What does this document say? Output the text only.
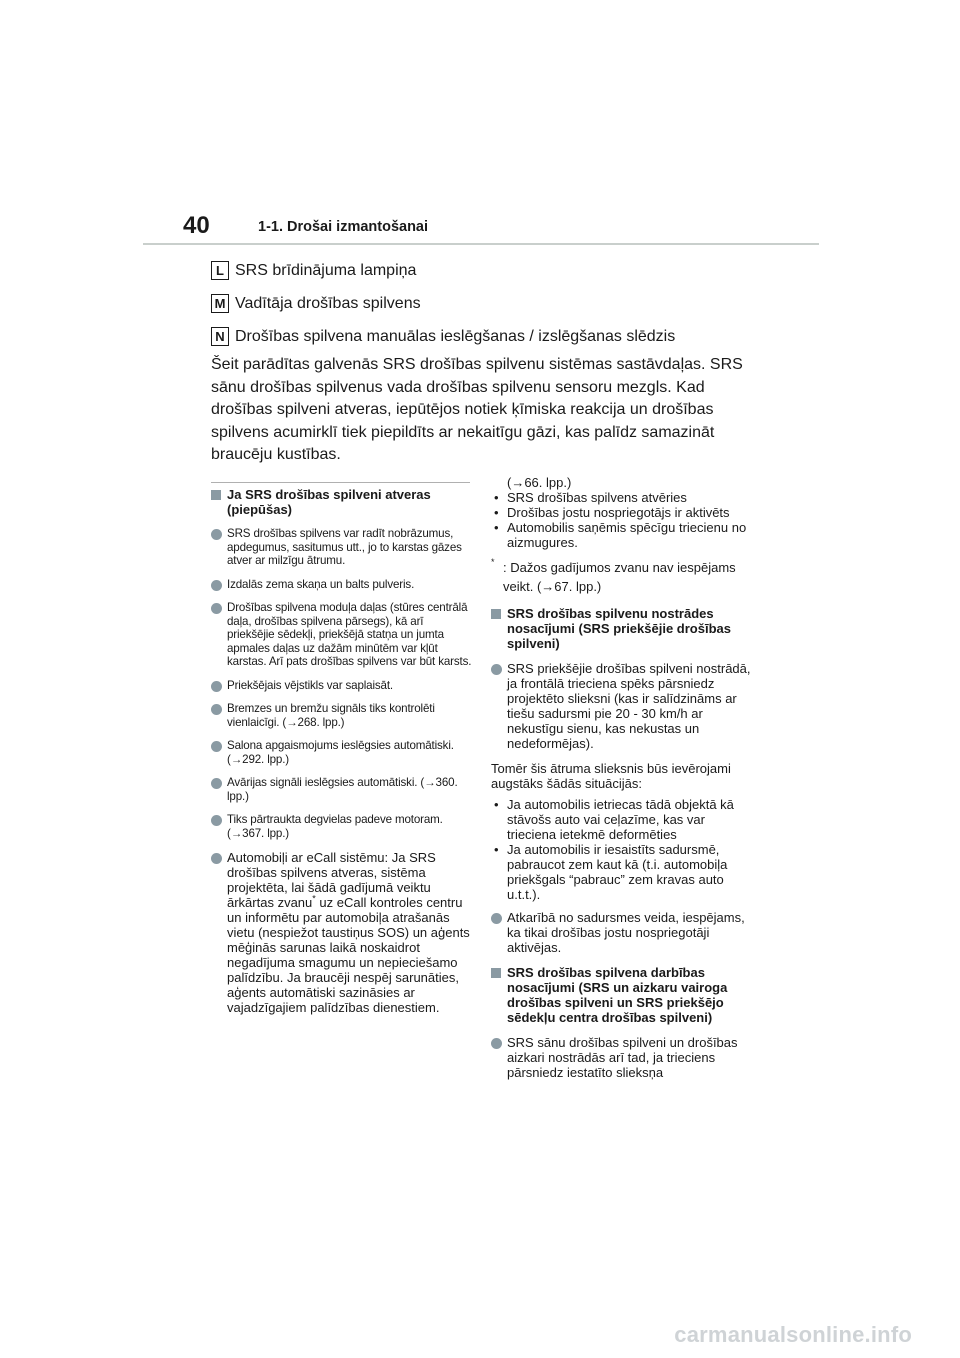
40	1-1. Drošai izmantošanai
L SRS brīdinājuma lampiņa
M Vadītāja drošības spilvens
N Drošības spilvena manuālas ieslēgšanas / izslēgšanas slēdzis

Šeit parādītas galvenās SRS drošības spilvenu sistēmas sastāvdaļas. SRS sānu drošības spilvenus vada drošības spilvenu sensoru mezgls. Kad drošības spilveni atveras, iepūtējos notiek ķīmiska reakcija un drošības spilvens acumirklī tiek piepildīts ar nekaitīgu gāzi, kas palīdz samazināt braucēju kustības.

Ja SRS drošības spilveni atveras (piepūšas)
SRS drošības spilvens var radīt nobrāzumus, apdegumus, sasitumus utt., jo to karstas gāzes atver ar milzīgu ātrumu.
Izdalās zema skaņa un balts pulveris.
Drošības spilvena moduļa daļas (stūres centrālā daļa, drošības spilvena pārsegs), kā arī priekšējie sēdekļi, priekšējā statņa un jumta apmales daļas uz dažām minūtēm var kļūt karstas. Arī pats drošības spilvens var būt karsts.
Priekšējais vējstikls var saplaisāt.
Bremzes un bremžu signāls tiks kontrolēti vienlaicīgi. (→268. lpp.)
Salona apgaismojums ieslēgsies automātiski. (→292. lpp.)
Avārijas signāli ieslēgsies automātiski. (→360. lpp.)
Tiks pārtraukta degvielas padeve motoram. (→367. lpp.)
Automobiļi ar eCall sistēmu: Ja SRS drošības spilvens atveras, sistēma projektēta, lai šādā gadījumā veiktu ārkārtas zvanu* uz eCall kontroles centru un informētu par automobiļa atrašanās vietu (nespiežot taustiņus SOS) un aģents mēģinās sarunas laikā noskaidrot negadījuma smagumu un nepieciešamo palīdzību. Ja braucēji nespēj sarunāties, aģents automātiski sazināsies ar vajadzīgajiem palīdzības dienestiem.
(→66. lpp.)
• SRS drošības spilvens atvēries
• Drošības jostu nospriegotājs ir aktivēts
• Automobilis saņēmis spēcīgu triecienu no aizmugures.
* : Dažos gadījumos zvanu nav iespējams veikt. (→67. lpp.)
SRS drošības spilvenu nostrādes nosacījumi (SRS priekšējie drošības spilveni)
SRS priekšējie drošības spilveni nostrādā, ja frontālā trieciena spēks pārsniedz projektēto slieksni (kas ir salīdzināms ar tiešu sadursmi pie 20 - 30 km/h ar nekustīgu sienu, kas nekustas un nedeformējas).
Tomēr šis ātruma slieksnis būs ievērojami augstāks šādās situācijās:
• Ja automobilis ietriecas tādā objektā kā stāvošs auto vai ceļazīme, kas var trieciena ietekmē deformēties
• Ja automobilis ir iesaistīts sadursmē, pabraucot zem kaut kā (t.i. automobiļa priekšgals “pabrauc” zem kravas auto u.t.t.).
Atkarībā no sadursmes veida, iespējams, ka tikai drošības jostu nospriegotāji aktivējas.
SRS drošības spilvena darbības nosacījumi (SRS un aizkaru vairoga drošības spilveni un SRS priekšējo sēdekļu centra drošības spilveni)
SRS sānu drošības spilveni un drošības aizkari nostrādās arī tad, ja trieciens pārsniedz iestatīto slieksņa
carmanualsonline.info
